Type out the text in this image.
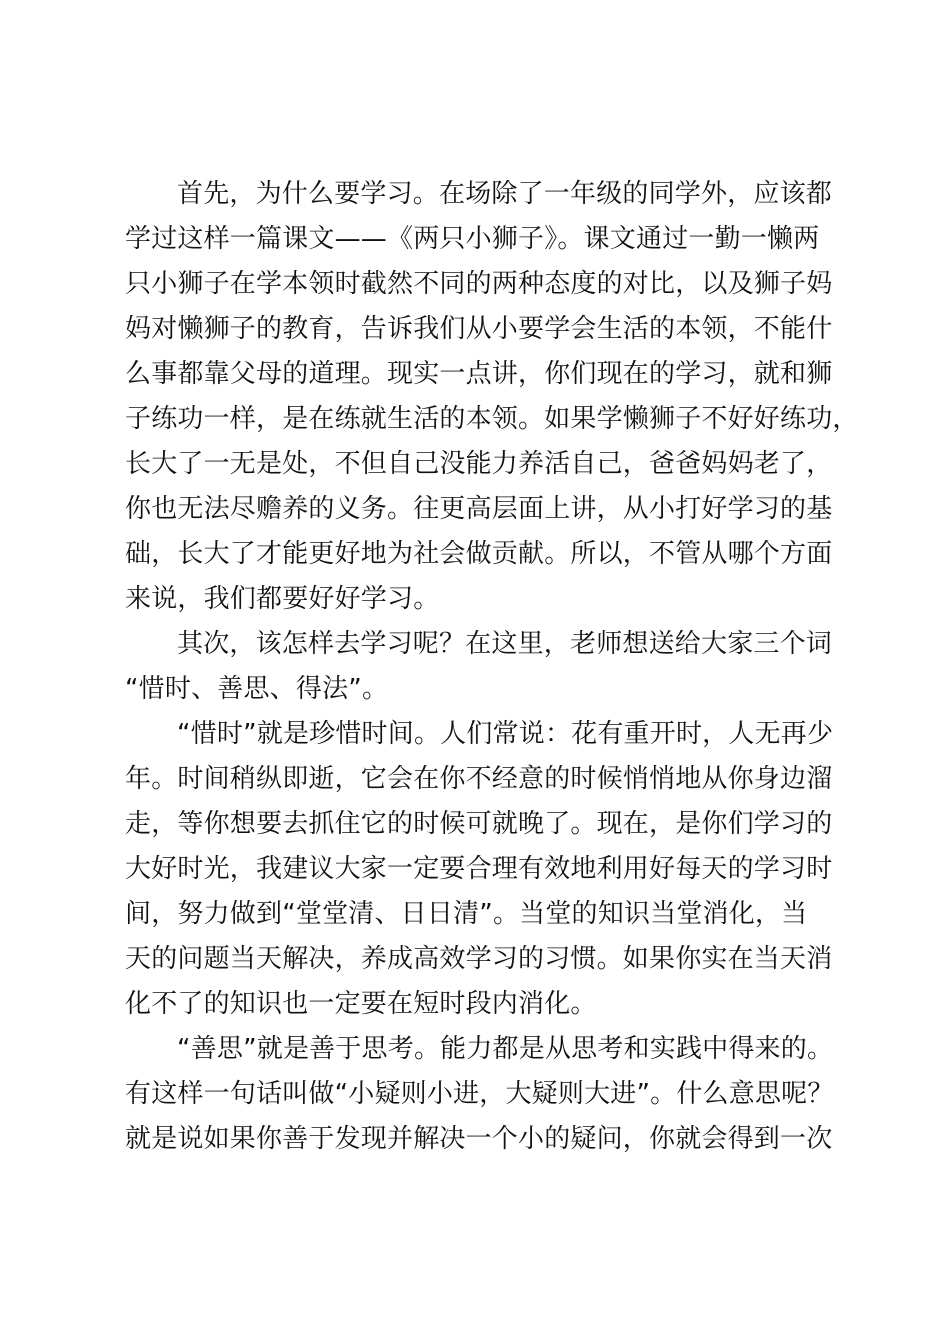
首先，为什么要学习。在场除了一年级的同学外，应该都
学过这样一篇课文——《两只小狮子》。课文通过一勤一懒两
只小狮子在学本领时截然不同的两种态度的对比，以及狮子妈
妈对懒狮子的教育，告诉我们从小要学会生活的本领，不能什
么事都靠父母的道理。现实一点讲，你们现在的学习，就和狮
子练功一样，是在练就生活的本领。如果学懒狮子不好好练功，
长大了一无是处，不但自己没能力养活自己，爸爸妈妈老了，
你也无法尽赡养的义务。往更高层面上讲，从小打好学习的基
础，长大了才能更好地为社会做贡献。所以，不管从哪个方面
来说，我们都要好好学习。
其次，该怎样去学习呢？在这里，老师想送给大家三个词
“惜时、善思、得法”。
“惜时”就是珍惜时间。人们常说：花有重开时，人无再少
年。时间稍纵即逝，它会在你不经意的时候悄悄地从你身边溜
走，等你想要去抓住它的时候可就晚了。现在，是你们学习的
大好时光，我建议大家一定要合理有效地利用好每天的学习时
间，努力做到“堂堂清、日日清”。当堂的知识当堂消化，当
天的问题当天解决，养成高效学习的习惯。如果你实在当天消
化不了的知识也一定要在短时段内消化。
“善思”就是善于思考。能力都是从思考和实践中得来的。
有这样一句话叫做“小疑则小进，大疑则大进”。什么意思呢？
就是说如果你善于发现并解决一个小的疑问，你就会得到一次
